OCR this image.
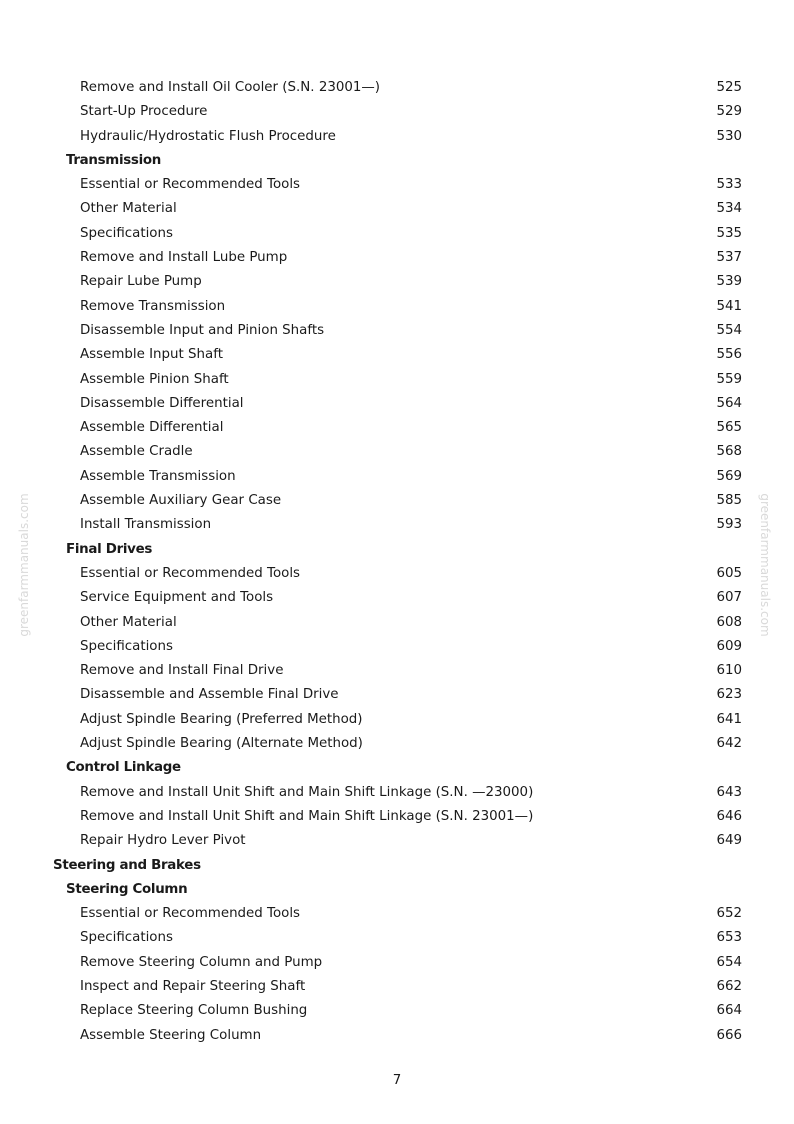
greenfarmmanuals.com	greenfarmmanuals.com
Remove and Install Oil Cooler (S.N. 23001—)	525
Start-Up Procedure	529
Hydraulic/Hydrostatic Flush Procedure	530
Transmission
Essential or Recommended Tools	533
Other Material	534
Specifications	535
Remove and Install Lube Pump	537
Repair Lube Pump	539
Remove Transmission	541
Disassemble Input and Pinion Shafts	554
Assemble Input Shaft	556
Assemble Pinion Shaft	559
Disassemble Differential	564
Assemble Differential	565
Assemble Cradle	568
Assemble Transmission	569
Assemble Auxiliary Gear Case	585
Install Transmission	593
Final Drives
Essential or Recommended Tools	605
Service Equipment and Tools	607
Other Material	608
Specifications	609
Remove and Install Final Drive	610
Disassemble and Assemble Final Drive	623
Adjust Spindle Bearing (Preferred Method)	641
Adjust Spindle Bearing (Alternate Method)	642
Control Linkage
Remove and Install Unit Shift and Main Shift Linkage (S.N. —23000)	643
Remove and Install Unit Shift and Main Shift Linkage (S.N. 23001—)	646
Repair Hydro Lever Pivot	649
Steering and Brakes
Steering Column
Essential or Recommended Tools	652
Specifications	653
Remove Steering Column and Pump	654
Inspect and Repair Steering Shaft	662
Replace Steering Column Bushing	664
Assemble Steering Column	666
7
